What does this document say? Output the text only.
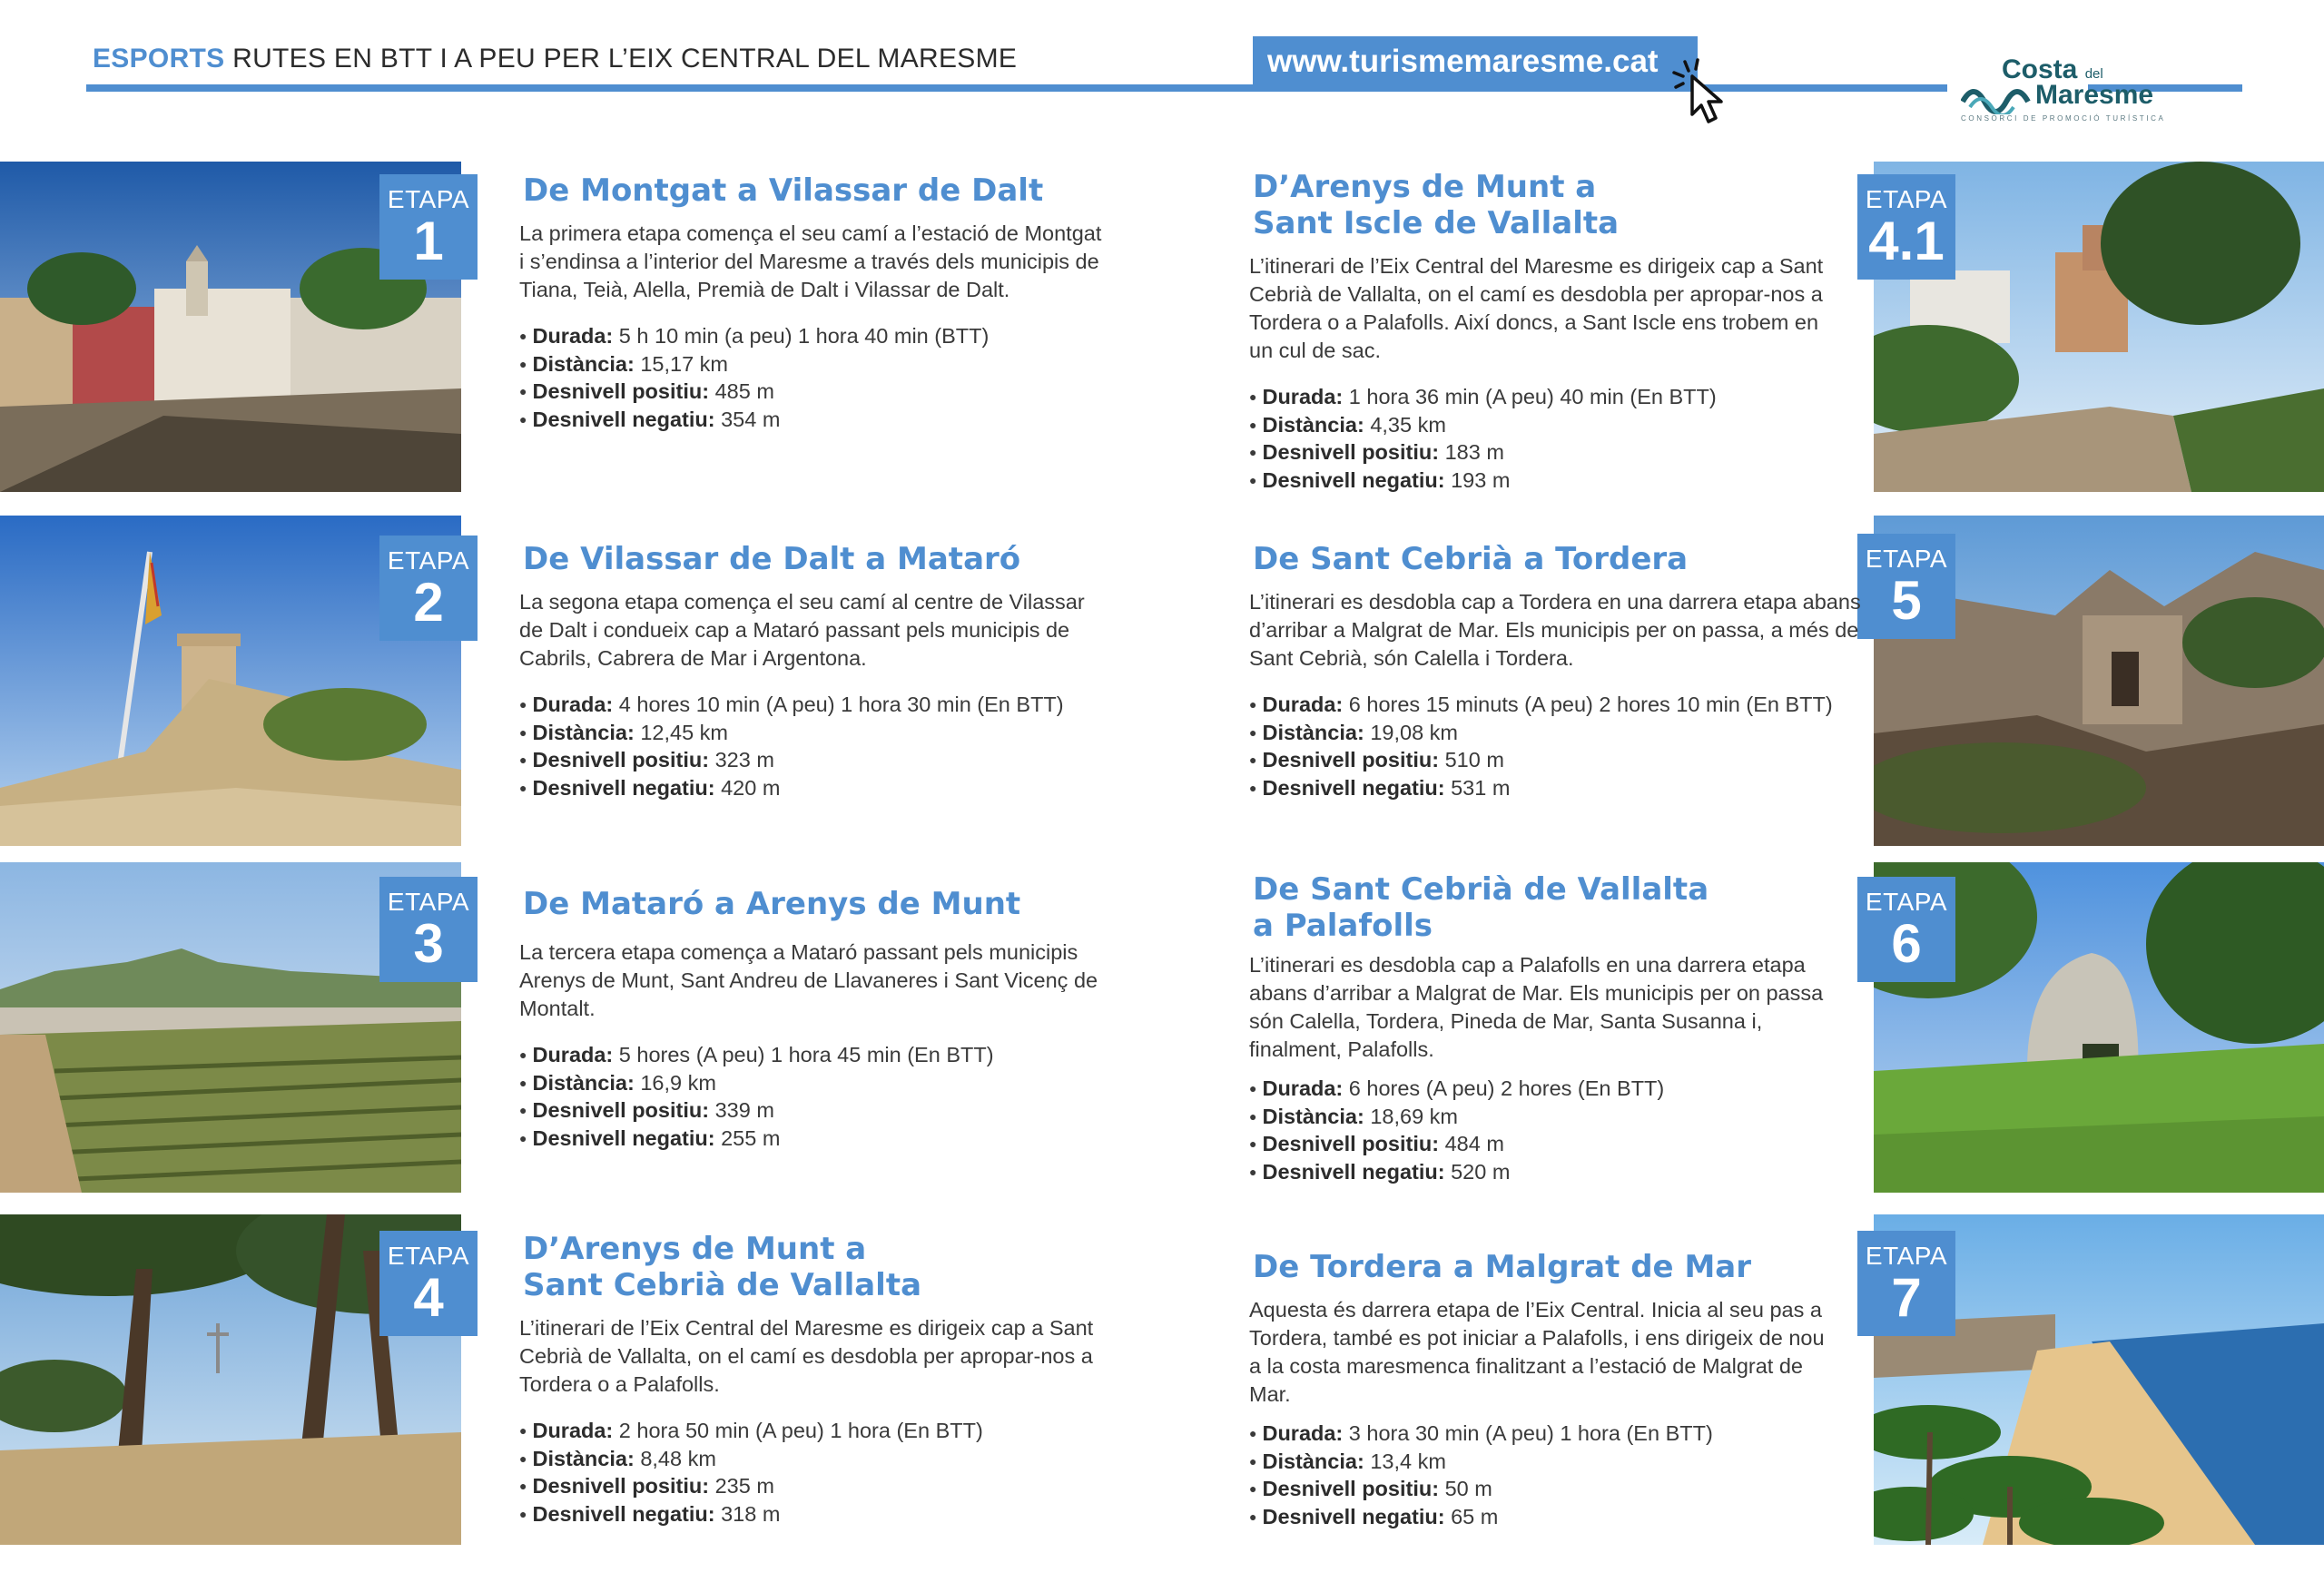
ESPORTS RUTES EN BTT I A PEU PER L’EIX CENTRAL DEL MARESME	www.turismemaresme.cat	Costa del
Maresme
CONSORCI DE PROMOCIÓ TURÍSTICA
ETAPA
1
ETAPA
2
ETAPA
3
ETAPA
4
ETAPA
4.1
ETAPA
5
ETAPA
6
ETAPA
7
De Montgat a Vilassar de Dalt

La primera etapa comença el seu camí a l’estació de Montgat i s’endinsa a l’interior del Maresme a través dels municipis de Tiana, Teià, Alella, Premià de Dalt i Vilassar de Dalt.

● Durada: 5 h 10 min (a peu) 1 hora 40 min (BTT)
● Distància: 15,17 km
● Desnivell positiu: 485 m
● Desnivell negatiu: 354 m
De Vilassar de Dalt a Mataró

La segona etapa comença el seu camí al centre de Vilassar de Dalt i condueix cap a Mataró passant pels municipis de Cabrils, Cabrera de Mar i Argentona.

● Durada: 4 hores 10 min (A peu) 1 hora 30 min (En BTT)
● Distància: 12,45 km
● Desnivell positiu: 323 m
● Desnivell negatiu: 420 m
De Mataró a Arenys de Munt

La tercera etapa comença a Mataró passant pels municipis Arenys de Munt, Sant Andreu de Llavaneres i Sant Vicenç de Montalt.

● Durada: 5 hores (A peu) 1 hora 45 min (En BTT)
● Distància: 16,9 km
● Desnivell positiu: 339 m
● Desnivell negatiu: 255 m
D’Arenys de Munt a
Sant Cebrià de Vallalta

L’itinerari de l’Eix Central del Maresme es dirigeix cap a Sant Cebrià de Vallalta, on el camí es desdobla per apropar-nos a Tordera o a Palafolls.

● Durada: 2 hora 50 min (A peu) 1 hora (En BTT)
● Distància: 8,48 km
● Desnivell positiu: 235 m
● Desnivell negatiu: 318 m
D’Arenys de Munt a
Sant Iscle de Vallalta

L’itinerari de l’Eix Central del Maresme es dirigeix cap a Sant Cebrià de Vallalta, on el camí es desdobla per apropar-nos a Tordera o a Palafolls. Així doncs, a Sant Iscle ens trobem en un cul de sac.

● Durada: 1 hora 36 min (A peu) 40 min (En BTT)
● Distància: 4,35 km
● Desnivell positiu: 183 m
● Desnivell negatiu: 193 m
De Sant Cebrià a Tordera

L’itinerari es desdobla cap a Tordera en una darrera etapa abans d’arribar a Malgrat de Mar. Els municipis per on passa, a més de Sant Cebrià, són Calella i Tordera.

● Durada: 6 hores 15 minuts (A peu) 2 hores 10 min (En BTT)
● Distància: 19,08 km
● Desnivell positiu: 510 m
● Desnivell negatiu: 531 m
De Sant Cebrià de Vallalta
a Palafolls

L’itinerari es desdobla cap a Palafolls en una darrera etapa abans d’arribar a Malgrat de Mar. Els municipis per on passa són Calella, Tordera, Pineda de Mar, Santa Susanna i, finalment, Palafolls.

● Durada: 6 hores (A peu) 2 hores (En BTT)
● Distància: 18,69 km
● Desnivell positiu: 484 m
● Desnivell negatiu: 520 m
De Tordera a Malgrat de Mar

Aquesta és darrera etapa de l’Eix Central. Inicia al seu pas a Tordera, també es pot iniciar a Palafolls, i ens dirigeix de nou a la costa maresmenca finalitzant a l’estació de Malgrat de Mar.

● Durada: 3 hora 30 min (A peu) 1 hora (En BTT)
● Distància: 13,4 km
● Desnivell positiu: 50 m
● Desnivell negatiu: 65 m
